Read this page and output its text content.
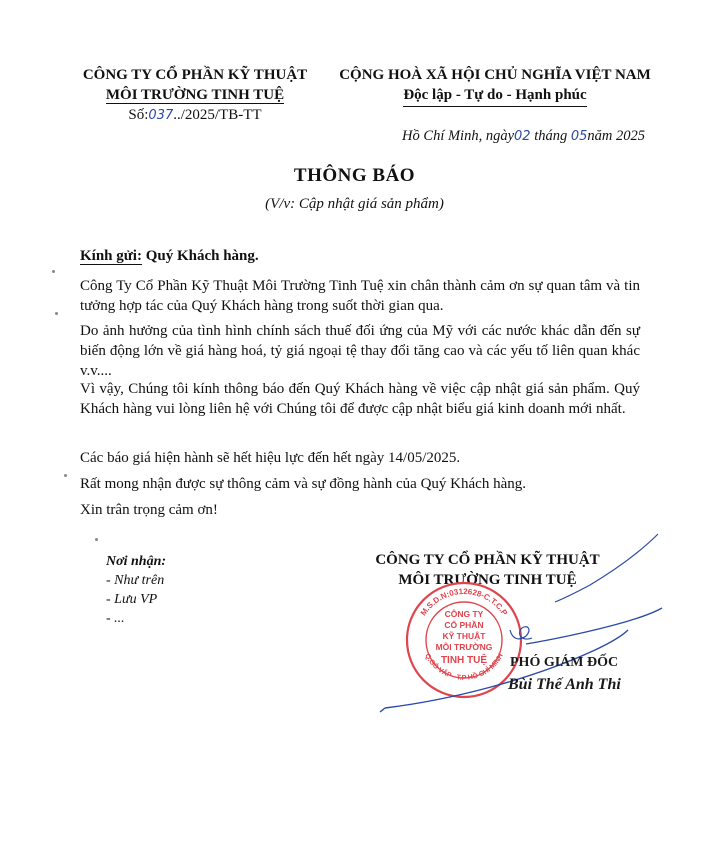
CÔNG TY CỔ PHẦN KỸ THUẬT
MÔI TRƯỜNG TINH TUỆ
Số:037../2025/TB-TT
CỘNG HOÀ XÃ HỘI CHỦ NGHĨA VIỆT NAM
Độc lập - Tự do - Hạnh phúc
Hồ Chí Minh, ngày02 tháng 05năm 2025
THÔNG BÁO
(V/v: Cập nhật giá sản phẩm)
Kính gửi: Quý Khách hàng.
Công Ty Cổ Phần Kỹ Thuật Môi Trường Tinh Tuệ xin chân thành cảm ơn sự quan tâm và tin tưởng hợp tác của Quý Khách hàng trong suốt thời gian qua.
Do ảnh hưởng của tình hình chính sách thuế đối ứng của Mỹ với các nước khác dẫn đến sự biến động lớn về giá hàng hoá, tỷ giá ngoại tệ thay đổi tăng cao và các yếu tố liên quan khác v.v....
Vì vậy, Chúng tôi kính thông báo đến Quý Khách hàng về việc cập nhật giá sản phẩm. Quý Khách hàng vui lòng liên hệ với Chúng tôi để được cập nhật biểu giá kinh doanh mới nhất.
Các báo giá hiện hành sẽ hết hiệu lực đến hết ngày 14/05/2025.
Rất mong nhận được sự thông cảm và sự đồng hành của Quý Khách hàng.
Xin trân trọng cảm ơn!
Nơi nhận:
- Như trên
- Lưu VP
- ...
CÔNG TY CỔ PHẦN KỸ THUẬT
MÔI TRƯỜNG TINH TUỆ
M.S.D.N:0312628-C.T.C.P
Q.GÒ VẤP - T.P HỒ CHÍ MINH
CÔNG TY
CỔ PHẦN
KỸ THUẬT
MÔI TRƯỜNG
TINH TUỆ PHÓ GIÁM ĐỐC
Bùi Thế Anh Thi
